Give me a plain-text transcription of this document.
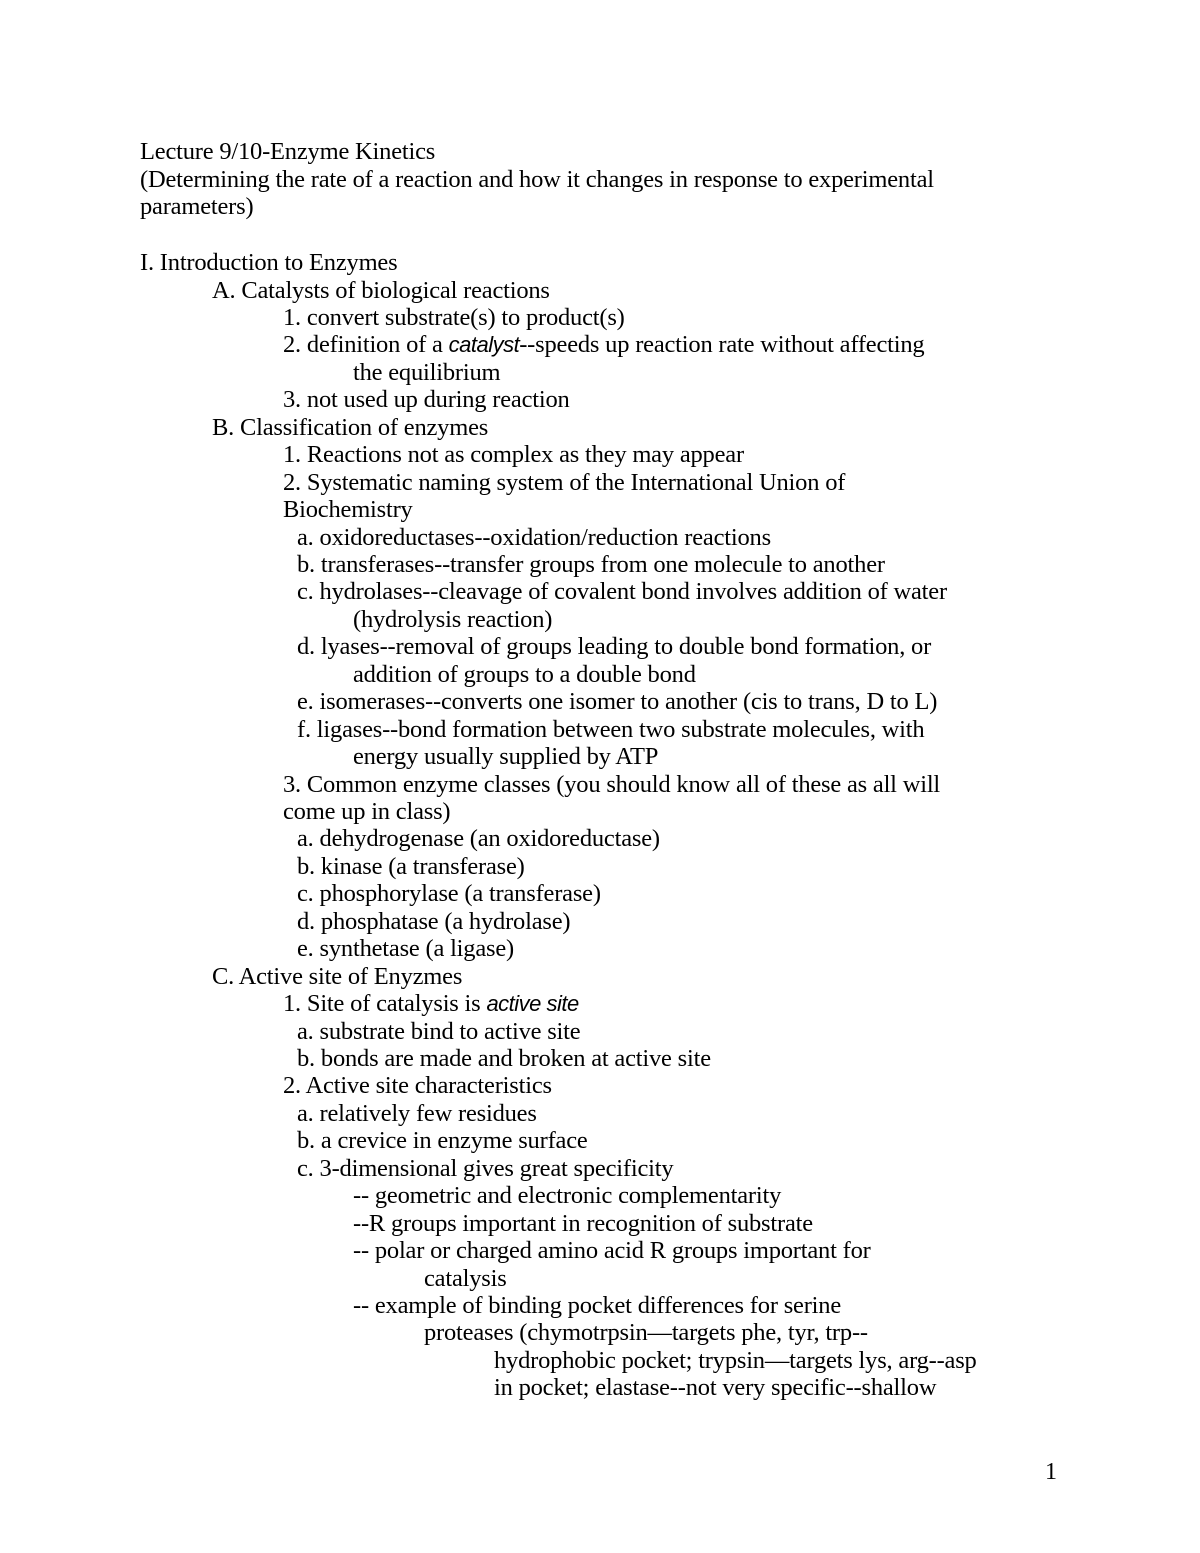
Lecture 9/10-Enzyme Kinetics
(Determining the rate of a reaction and how it changes in response to experimental
parameters)
I. Introduction to Enzymes
A. Catalysts of biological reactions
1. convert substrate(s) to product(s)
2. definition of a catalyst--speeds up reaction rate without affecting
the equilibrium
3. not used up during reaction
B. Classification of enzymes
1. Reactions not as complex as they may appear
2. Systematic naming system of the International Union of
Biochemistry
a. oxidoreductases--oxidation/reduction reactions
b. transferases--transfer groups from one molecule to another
c. hydrolases--cleavage of covalent bond involves addition of water
(hydrolysis reaction)
d. lyases--removal of groups leading to double bond formation, or
addition of groups to a double bond
e. isomerases--converts one isomer to another (cis to trans, D to L)
f. ligases--bond formation between two substrate molecules, with
energy usually supplied by ATP
3. Common enzyme classes (you should know all of these as all will
come up in class)
a. dehydrogenase (an oxidoreductase)
b. kinase (a transferase)
c. phosphorylase (a transferase)
d. phosphatase (a hydrolase)
e. synthetase (a ligase)
C. Active site of Enyzmes
1. Site of catalysis is active site
a. substrate bind to active site
b. bonds are made and broken at active site
2. Active site characteristics
a. relatively few residues
b. a crevice in enzyme surface
c. 3-dimensional gives great specificity
-- geometric and electronic complementarity
--R groups important in recognition of substrate
-- polar or charged amino acid R groups important for
catalysis
-- example of binding pocket differences for serine
proteases (chymotrpsin—targets phe, tyr, trp--
hydrophobic pocket; trypsin—targets lys, arg--asp
in pocket; elastase--not very specific--shallow
1
